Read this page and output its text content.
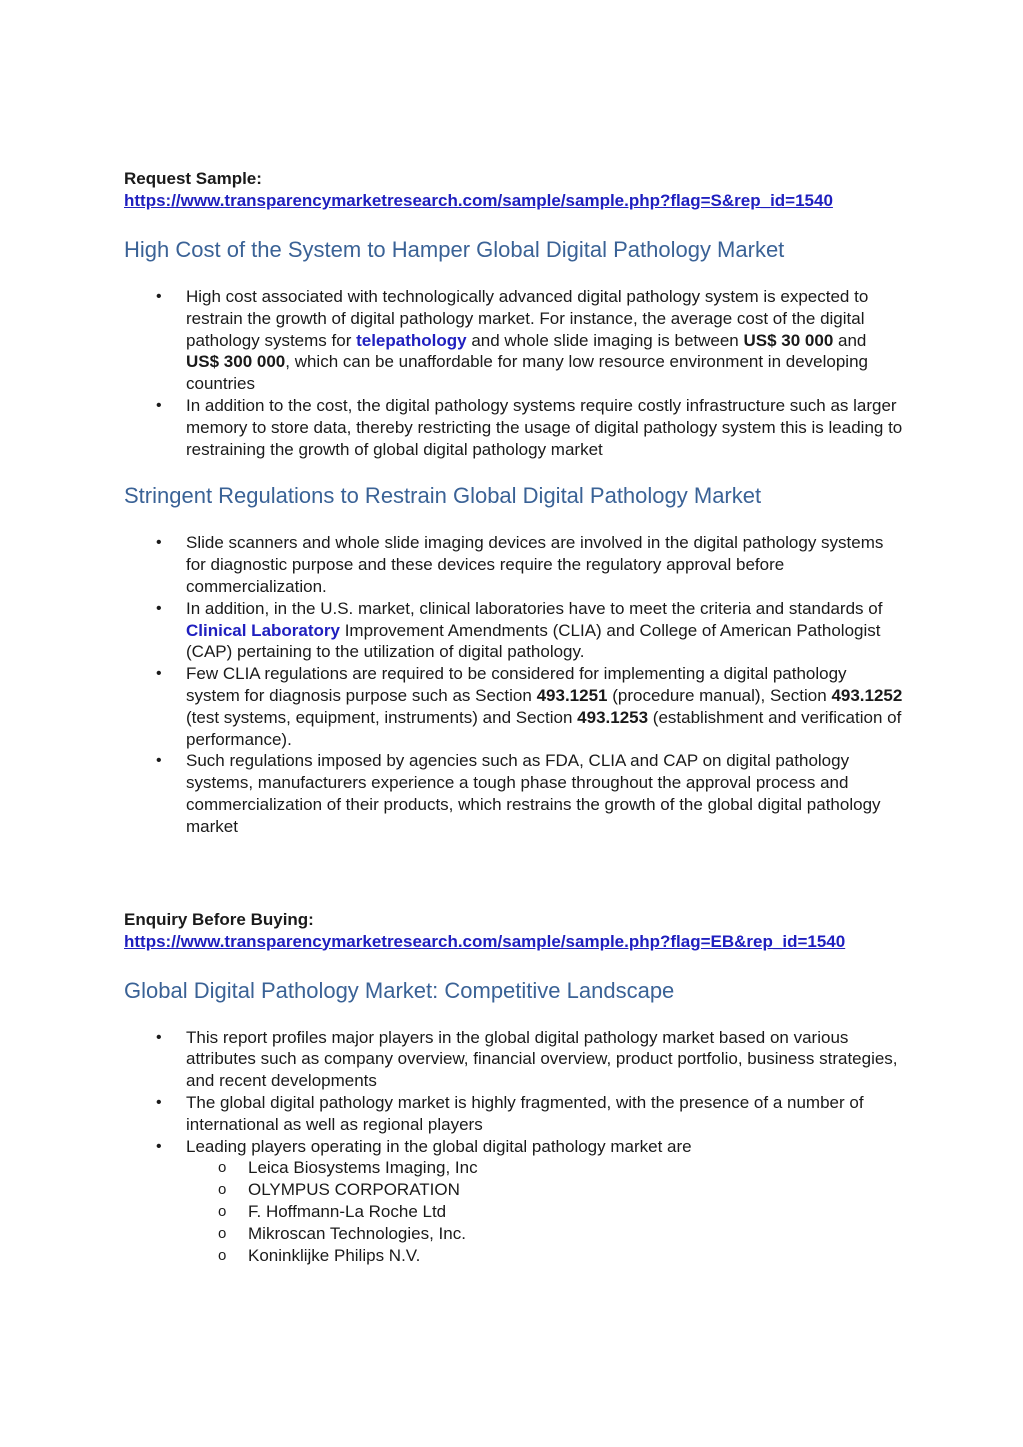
Request Sample:

https://www.transparencymarketresearch.com/sample/sample.php?flag=S&rep_id=1540
High Cost of the System to Hamper Global Digital Pathology Market
• High cost associated with technologically advanced digital pathology system is expected to restrain the growth of digital pathology market. For instance, the average cost of the digital pathology systems for telepathology and whole slide imaging is between US$ 30 000 and US$ 300 000, which can be unaffordable for many low resource environment in developing countries
• In addition to the cost, the digital pathology systems require costly infrastructure such as larger memory to store data, thereby restricting the usage of digital pathology system this is leading to restraining the growth of global digital pathology market
Stringent Regulations to Restrain Global Digital Pathology Market
• Slide scanners and whole slide imaging devices are involved in the digital pathology systems for diagnostic purpose and these devices require the regulatory approval before commercialization.
• In addition, in the U.S. market, clinical laboratories have to meet the criteria and standards of Clinical Laboratory Improvement Amendments (CLIA) and College of American Pathologist (CAP) pertaining to the utilization of digital pathology.
• Few CLIA regulations are required to be considered for implementing a digital pathology system for diagnosis purpose such as Section 493.1251 (procedure manual), Section 493.1252 (test systems, equipment, instruments) and Section 493.1253 (establishment and verification of performance).
• Such regulations imposed by agencies such as FDA, CLIA and CAP on digital pathology systems, manufacturers experience a tough phase throughout the approval process and commercialization of their products, which restrains the growth of the global digital pathology market

Enquiry Before Buying:

https://www.transparencymarketresearch.com/sample/sample.php?flag=EB&rep_id=1540
Global Digital Pathology Market: Competitive Landscape
• This report profiles major players in the global digital pathology market based on various attributes such as company overview, financial overview, product portfolio, business strategies, and recent developments
• The global digital pathology market is highly fragmented, with the presence of a number of international as well as regional players
• Leading players operating in the global digital pathology market are
o Leica Biosystems Imaging, Inc
o OLYMPUS CORPORATION
o F. Hoffmann-La Roche Ltd
o Mikroscan Technologies, Inc.
o Koninklijke Philips N.V.
